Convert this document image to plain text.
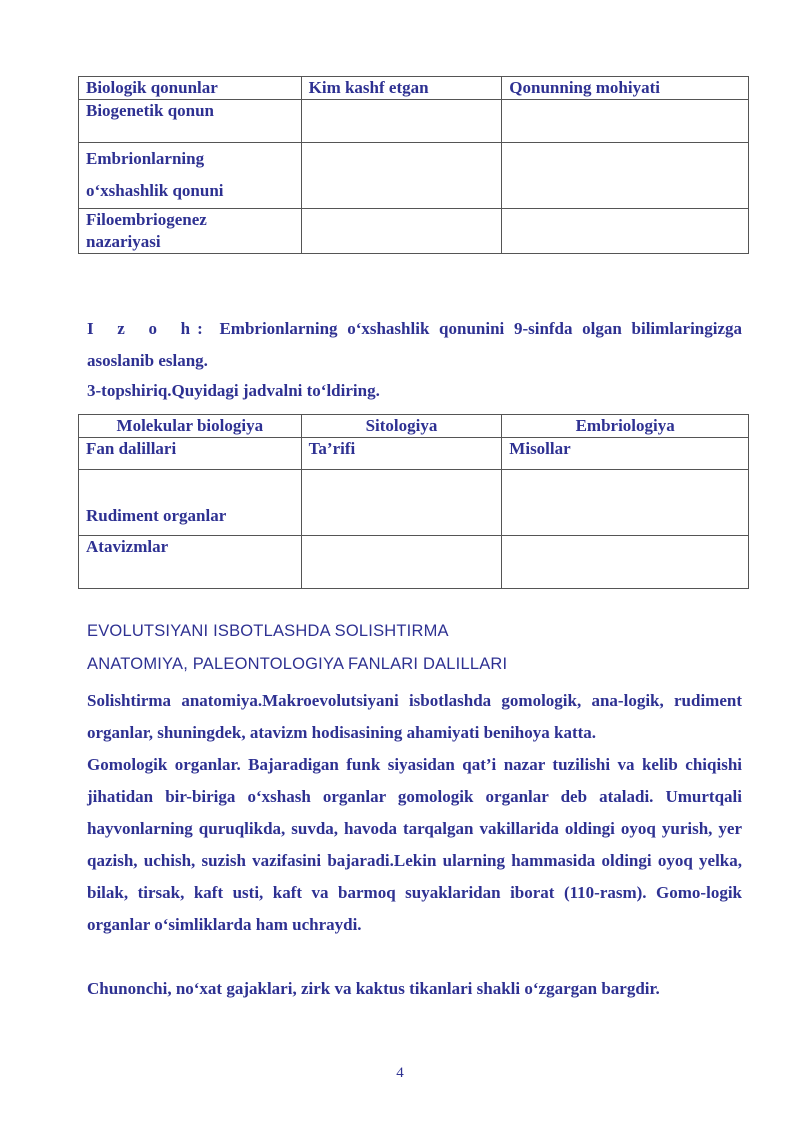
Biologik qonunlar	Kim kashf etgan	Qonunning mohiyati
Biogenetik qonun		

Embrionlarning
o‘xshashlik qonuni		

Filoembriogenez
nazariyasi		

I z o h: Embrionlarning o‘xshashlik qonunini 9-sinfda olgan bilimlaringizga asoslanib eslang.

3-topshiriq.Quyidagi jadvalni to‘ldiring.

Molekular biologiya	Sitologiya	Embriologiya
Fan dalillari	Ta’rifi	Misollar
Rudiment organlar		
Atavizmlar		

EVOLUTSIYANI ISBOTLASHDA SOLISHTIRMA

ANATOMIYA, PALEONTOLOGIYA FANLARI DALILLARI

Solishtirma anatomiya.Makroevolutsiyani isbotlashda gomologik, ana-logik, rudiment organlar, shuningdek, atavizm hodisasining ahamiyati benihoya katta.

Gomologik organlar. Bajaradigan funk siyasidan qat’i nazar tuzilishi va kelib chiqishi jihatidan bir-biriga o‘xshash organlar gomologik organlar deb ataladi. Umurtqali hayvonlarning quruqlikda, suvda, havoda tarqalgan vakillarida oldingi oyoq yurish, yer qazish, uchish, suzish vazifasini bajaradi.Lekin ularning hammasida oldingi oyoq yelka, bilak, tirsak, kaft usti, kaft va barmoq suyaklaridan iborat (110-rasm). Gomo-logik organlar o‘simliklarda ham uchraydi.

Chunonchi, no‘xat gajaklari, zirk va kaktus tikanlari shakli o‘zgargan bargdir.

4
